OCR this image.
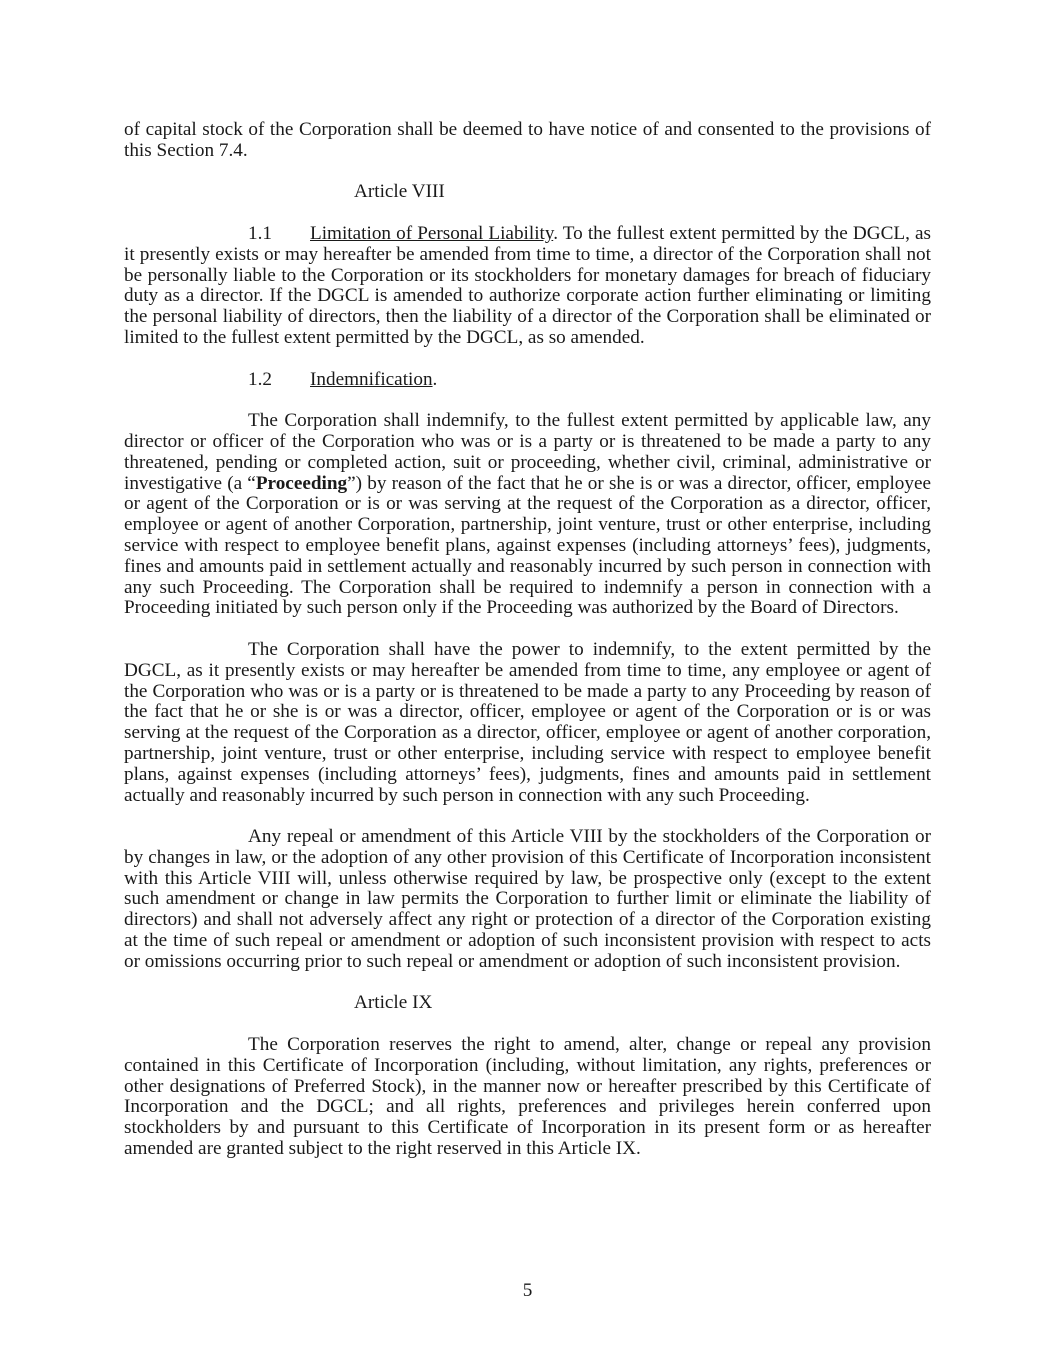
of capital stock of the Corporation shall be deemed to have notice of and consented to the provisions of this Section 7.4.

Article VIII

1.1 Limitation of Personal Liability. To the fullest extent permitted by the DGCL, as it presently exists or may hereafter be amended from time to time, a director of the Corporation shall not be personally liable to the Corporation or its stockholders for monetary damages for breach of fiduciary duty as a director. If the DGCL is amended to authorize corporate action further eliminating or limiting the personal liability of directors, then the liability of a director of the Corporation shall be eliminated or limited to the fullest extent permitted by the DGCL, as so amended.

1.2 Indemnification.

The Corporation shall indemnify, to the fullest extent permitted by applicable law, any director or officer of the Corporation who was or is a party or is threatened to be made a party to any threatened, pending or completed action, suit or proceeding, whether civil, criminal, administrative or investigative (a “Proceeding”) by reason of the fact that he or she is or was a director, officer, employee or agent of the Corporation or is or was serving at the request of the Corporation as a director, officer, employee or agent of another Corporation, partnership, joint venture, trust or other enterprise, including service with respect to employee benefit plans, against expenses (including attorneys’ fees), judgments, fines and amounts paid in settlement actually and reasonably incurred by such person in connection with any such Proceeding. The Corporation shall be required to indemnify a person in connection with a Proceeding initiated by such person only if the Proceeding was authorized by the Board of Directors.

The Corporation shall have the power to indemnify, to the extent permitted by the DGCL, as it presently exists or may hereafter be amended from time to time, any employee or agent of the Corporation who was or is a party or is threatened to be made a party to any Proceeding by reason of the fact that he or she is or was a director, officer, employee or agent of the Corporation or is or was serving at the request of the Corporation as a director, officer, employee or agent of another corporation, partnership, joint venture, trust or other enterprise, including service with respect to employee benefit plans, against expenses (including attorneys’ fees), judgments, fines and amounts paid in settlement actually and reasonably incurred by such person in connection with any such Proceeding.

Any repeal or amendment of this Article VIII by the stockholders of the Corporation or by changes in law, or the adoption of any other provision of this Certificate of Incorporation inconsistent with this Article VIII will, unless otherwise required by law, be prospective only (except to the extent such amendment or change in law permits the Corporation to further limit or eliminate the liability of directors) and shall not adversely affect any right or protection of a director of the Corporation existing at the time of such repeal or amendment or adoption of such inconsistent provision with respect to acts or omissions occurring prior to such repeal or amendment or adoption of such inconsistent provision.

Article IX

The Corporation reserves the right to amend, alter, change or repeal any provision contained in this Certificate of Incorporation (including, without limitation, any rights, preferences or other designations of Preferred Stock), in the manner now or hereafter prescribed by this Certificate of Incorporation and the DGCL; and all rights, preferences and privileges herein conferred upon stockholders by and pursuant to this Certificate of Incorporation in its present form or as hereafter amended are granted subject to the right reserved in this Article IX.

5
